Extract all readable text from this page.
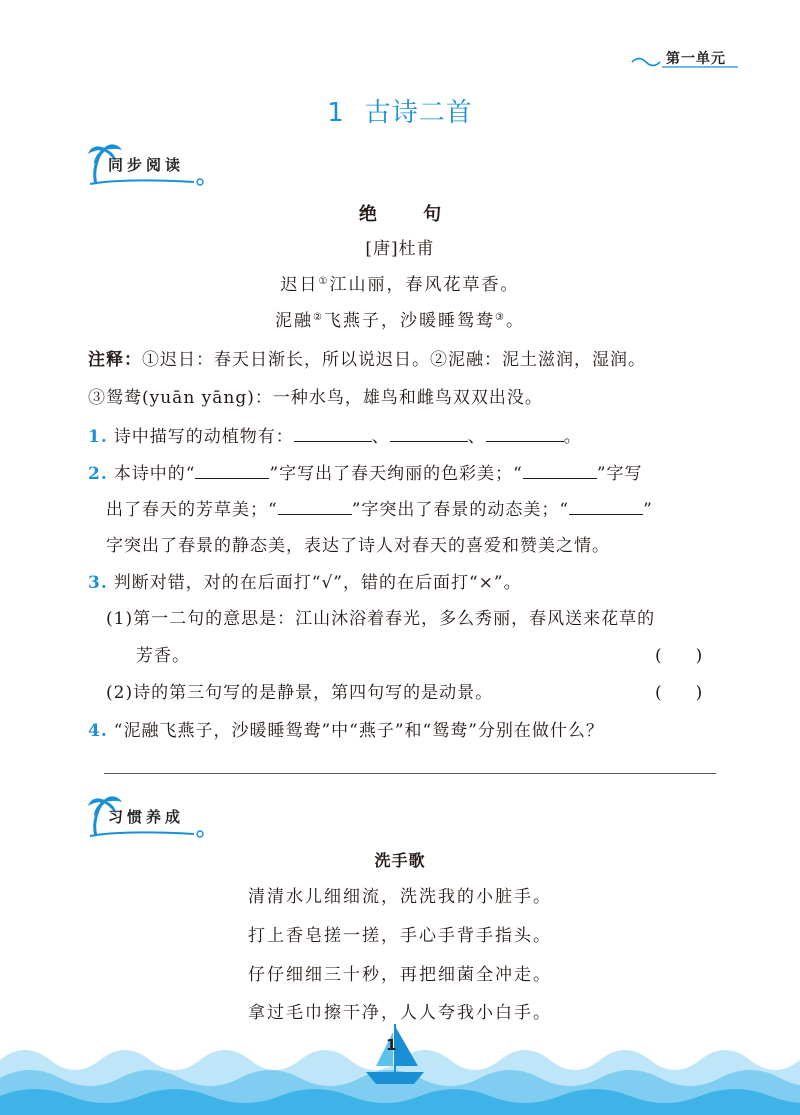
第一单元
1 古诗二首
同步阅读
绝 句
[唐]杜甫
迟日①江山丽，春风花草香。
泥融②飞燕子，沙暖睡鸳鸯③。
注释：①迟日：春天日渐长，所以说迟日。②泥融：泥土滋润，湿润。
③鸳鸯(yuān yāng)：一种水鸟，雄鸟和雌鸟双双出没。
1. 诗中描写的动植物有：	、	、	。
2. 本诗中的“	”字写出了春天绚丽的色彩美；“	”字写
出了春天的芳草美；“	”字突出了春景的动态美；“	”
字突出了春景的静态美，表达了诗人对春天的喜爱和赞美之情。
3. 判断对错，对的在后面打“√”，错的在后面打“×”。
(1)第一二句的意思是：江山沐浴着春光，多么秀丽，春风送来花草的
芳香。	(　　)
(2)诗的第三句写的是静景，第四句写的是动景。	(　　)
4. “泥融飞燕子，沙暖睡鸳鸯”中“燕子”和“鸳鸯”分别在做什么？
习惯养成
洗手歌
清清水儿细细流，洗洗我的小脏手。
打上香皂搓一搓，手心手背手指头。
仔仔细细三十秒，再把细菌全冲走。
拿过毛巾擦干净，人人夸我小白手。
1
